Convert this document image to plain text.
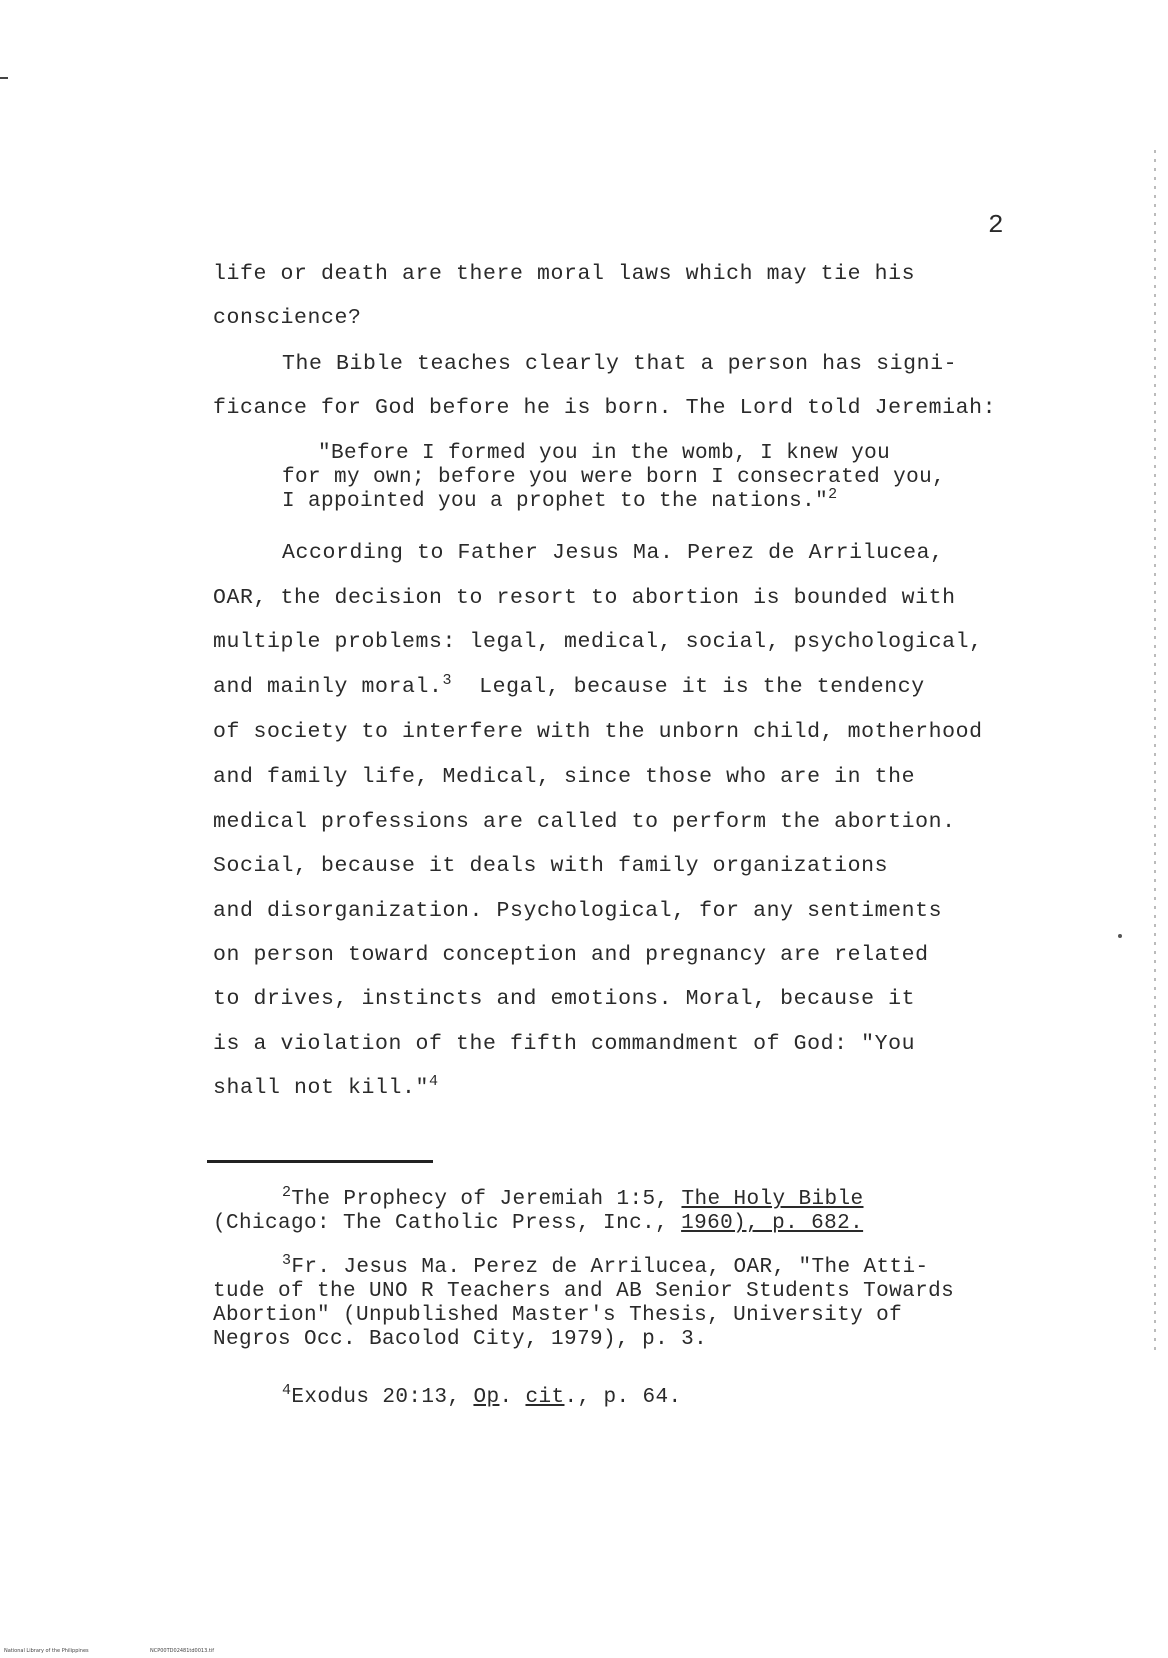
2
life or death are there moral laws which may tie his
conscience?
The Bible teaches clearly that a person has signi-
ficance for God before he is born. The Lord told Jeremiah:
"Before I formed you in the womb, I knew you
for my own; before you were born I consecrated you,
I appointed you a prophet to the nations."$^2$
According to Father Jesus Ma. Perez de Arrilucea,
OAR, the decision to resort to abortion is bounded with
multiple problems: legal, medical, social, psychological,
and mainly moral.$^3$  Legal, because it is the tendency
of society to interfere with the unborn child, motherhood
and family life, Medical, since those who are in the
medical professions are called to perform the abortion.
Social, because it deals with family organizations
and disorganization. Psychological, for any sentiments
on person toward conception and pregnancy are related
to drives, instincts and emotions. Moral, because it
is a violation of the fifth commandment of God: "You
shall not kill."$^4$
$^2$The Prophecy of Jeremiah 1:5, The Holy Bible
(Chicago: The Catholic Press, Inc., 1960), p. 682.
$^3$Fr. Jesus Ma. Perez de Arrilucea, OAR, "The Atti-
tude of the UNO R Teachers and AB Senior Students Towards
Abortion" (Unpublished Master's Thesis, University of
Negros Occ. Bacolod City, 1979), p. 3.
$^4$Exodus 20:13, Op. cit., p. 64.
National Library of the Philippines	NCP00TD02481td0013.tif
